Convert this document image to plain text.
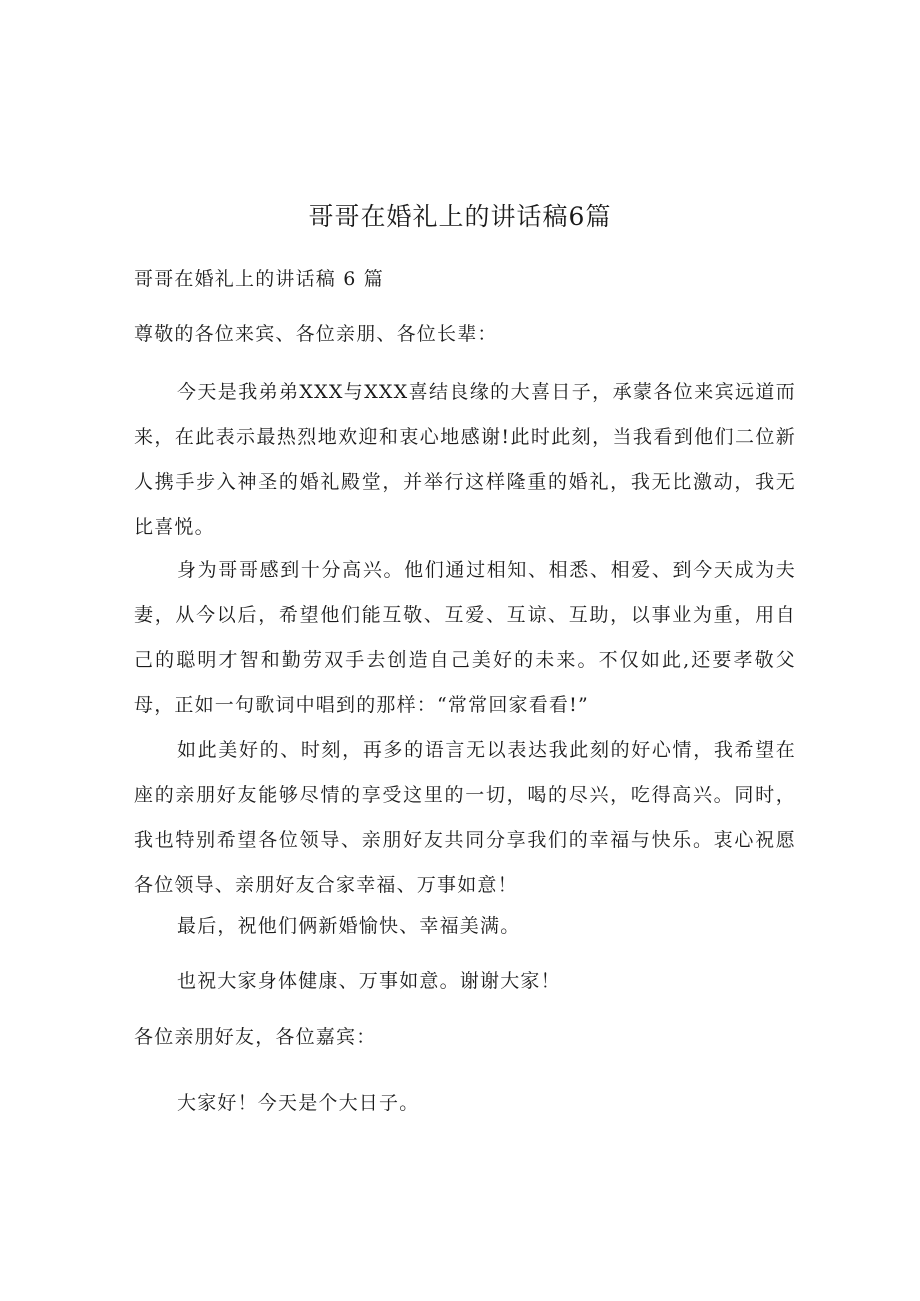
哥哥在婚礼上的讲话稿6篇

哥哥在婚礼上的讲话稿 6 篇

尊敬的各位来宾、各位亲朋、各位长辈：

今天是我弟弟XXX与XXX喜结良缘的大喜日子，承蒙各位来宾远道而来，在此表示最热烈地欢迎和衷心地感谢!此时此刻，当我看到他们二位新人携手步入神圣的婚礼殿堂，并举行这样隆重的婚礼，我无比激动，我无比喜悦。

身为哥哥感到十分高兴。他们通过相知、相悉、相爱、到今天成为夫妻，从今以后，希望他们能互敬、互爱、互谅、互助，以事业为重，用自己的聪明才智和勤劳双手去创造自己美好的未来。不仅如此,还要孝敬父母，正如一句歌词中唱到的那样：“常常回家看看!”

如此美好的、时刻，再多的语言无以表达我此刻的好心情，我希望在座的亲朋好友能够尽情的享受这里的一切，喝的尽兴，吃得高兴。同时，我也特别希望各位领导、亲朋好友共同分享我们的幸福与快乐。衷心祝愿各位领导、亲朋好友合家幸福、万事如意！

最后，祝他们俩新婚愉快、幸福美满。

也祝大家身体健康、万事如意。谢谢大家！

各位亲朋好友，各位嘉宾：

大家好！今天是个大日子。
